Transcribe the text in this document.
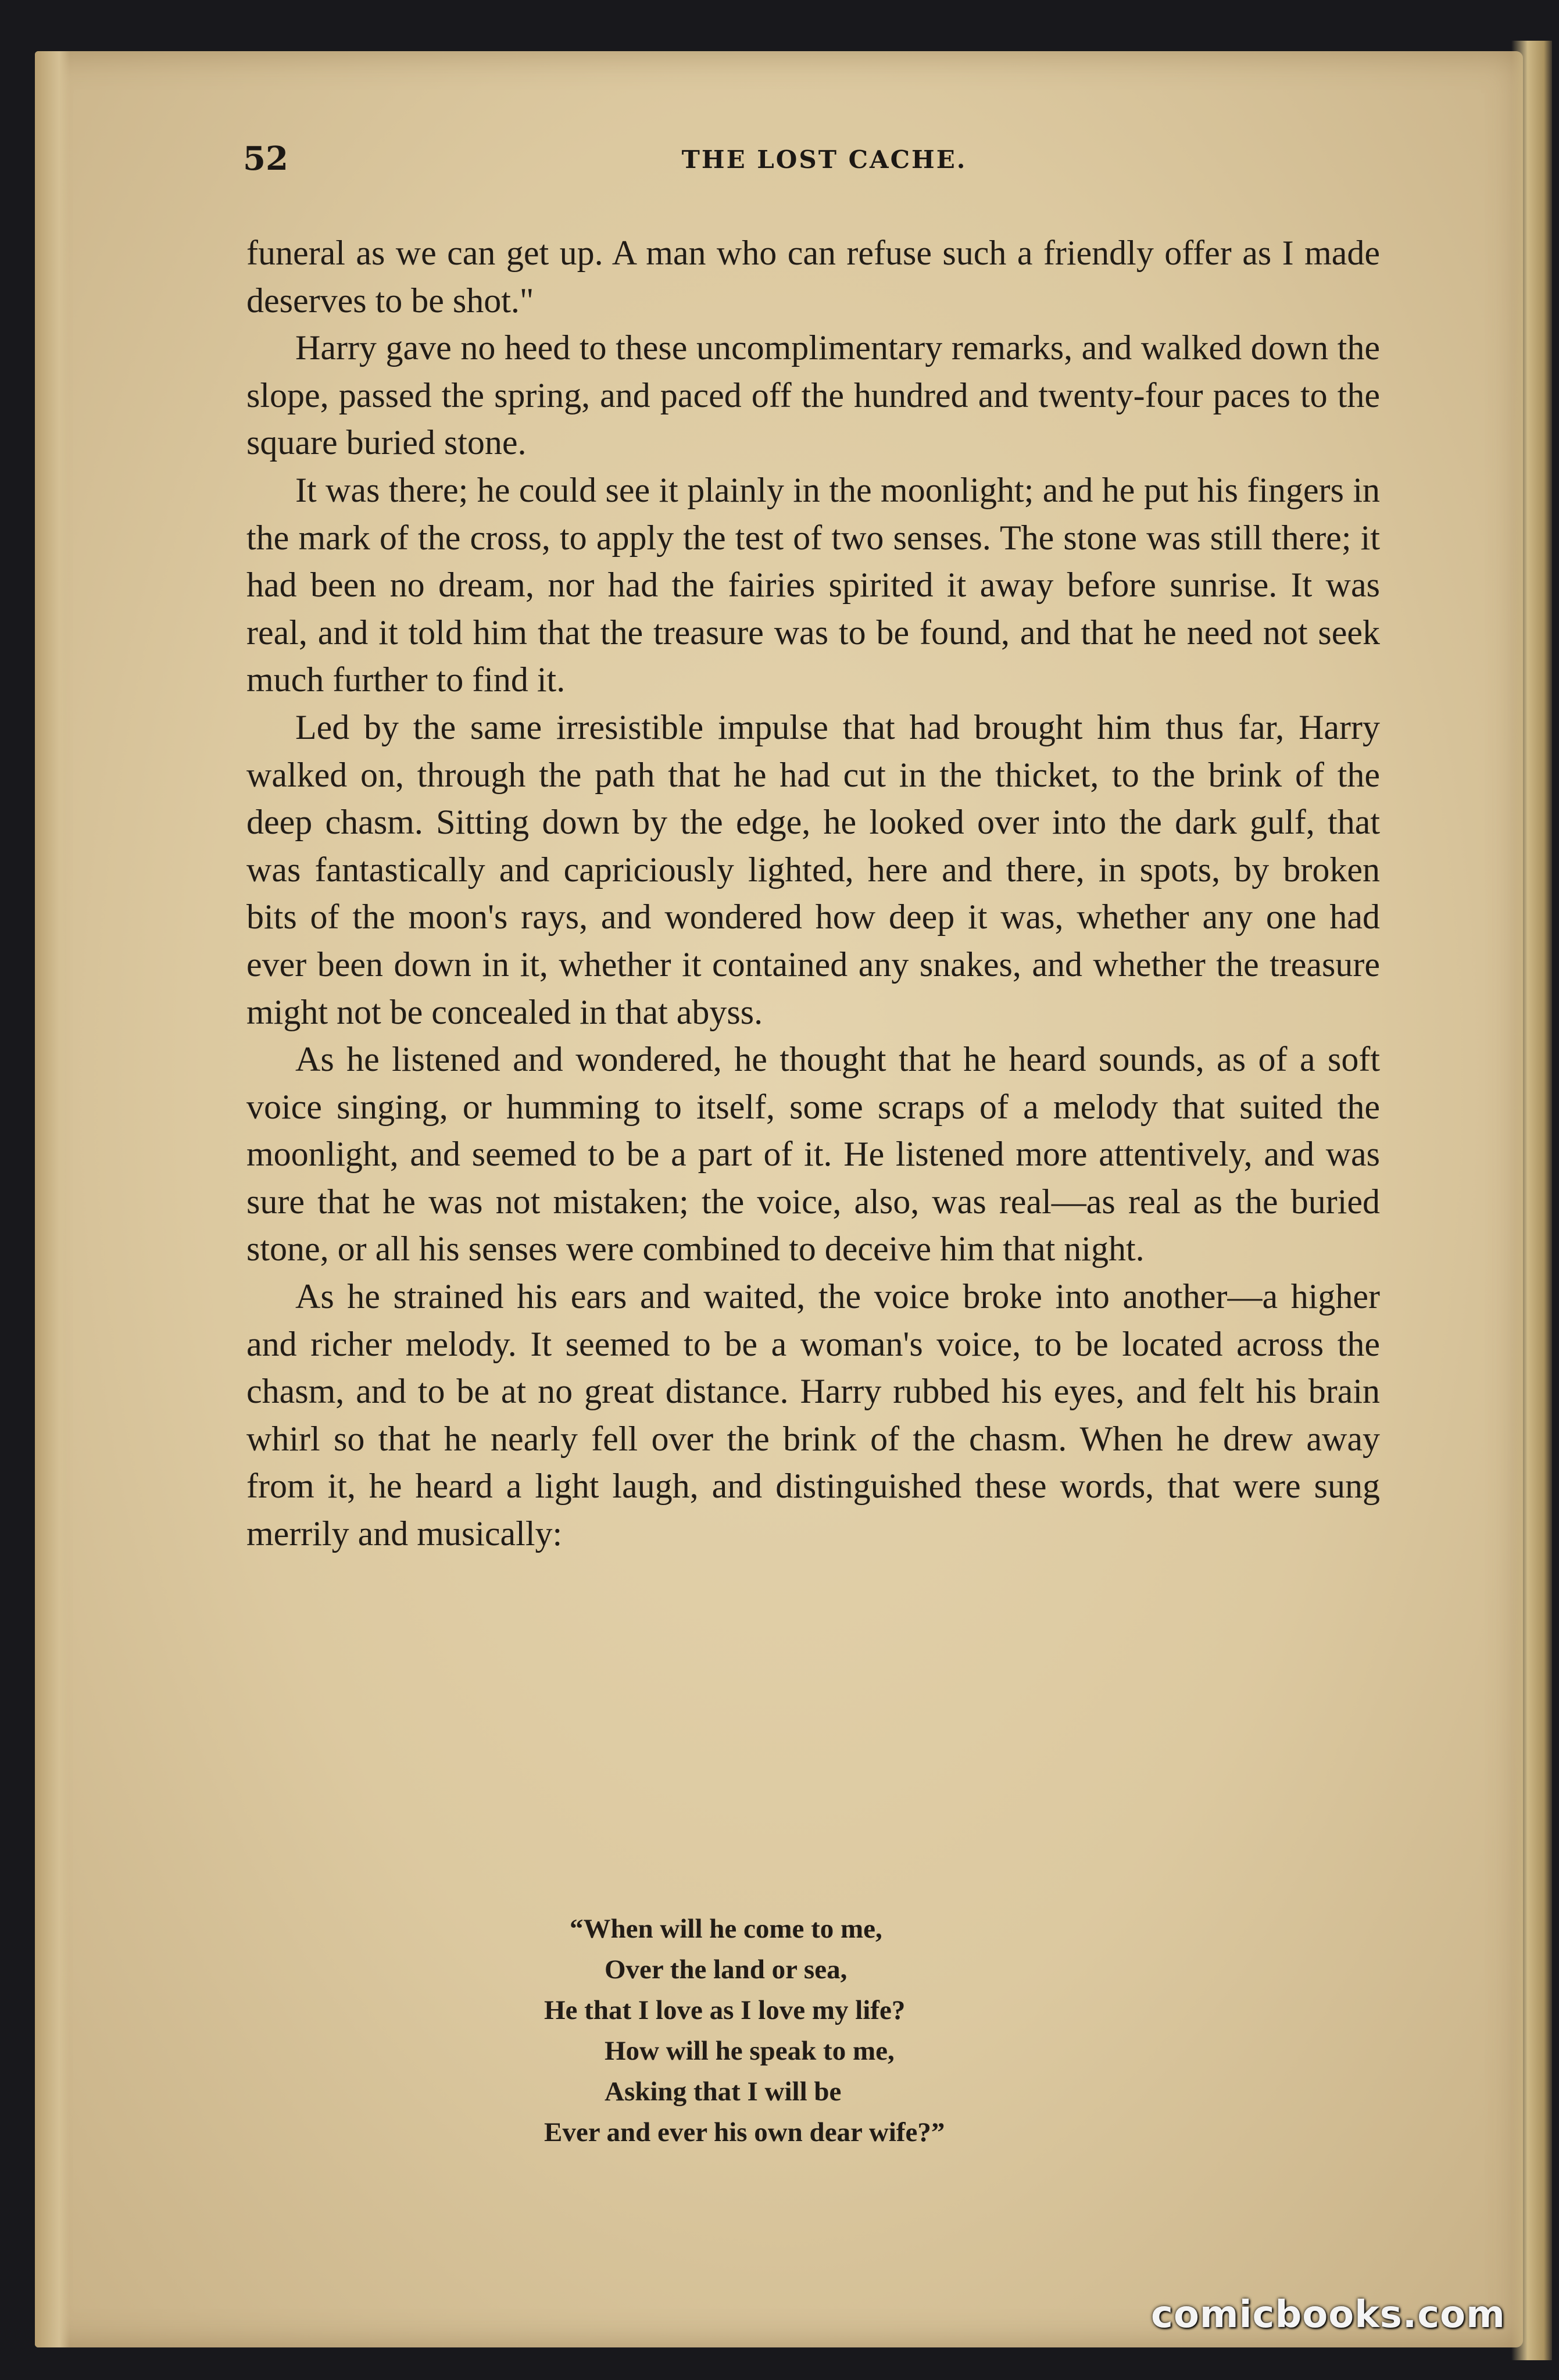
52	THE LOST CACHE.

funeral as we can get up. A man who can refuse such a friendly offer as I made deserves to be shot."

Harry gave no heed to these uncomplimentary remarks, and walked down the slope, passed the spring, and paced off the hundred and twenty-four paces to the square buried stone.

It was there; he could see it plainly in the moonlight; and he put his fingers in the mark of the cross, to apply the test of two senses. The stone was still there; it had been no dream, nor had the fairies spirited it away before sunrise. It was real, and it told him that the treasure was to be found, and that he need not seek much further to find it.

Led by the same irresistible impulse that had brought him thus far, Harry walked on, through the path that he had cut in the thicket, to the brink of the deep chasm. Sitting down by the edge, he looked over into the dark gulf, that was fantastically and capriciously lighted, here and there, in spots, by broken bits of the moon's rays, and wondered how deep it was, whether any one had ever been down in it, whether it contained any snakes, and whether the treasure might not be concealed in that abyss.

As he listened and wondered, he thought that he heard sounds, as of a soft voice singing, or humming to itself, some scraps of a melody that suited the moonlight, and seemed to be a part of it. He listened more attentively, and was sure that he was not mistaken; the voice, also, was real—as real as the buried stone, or all his senses were combined to deceive him that night.

As he strained his ears and waited, the voice broke into another—a higher and richer melody. It seemed to be a woman's voice, to be located across the chasm, and to be at no great distance. Harry rubbed his eyes, and felt his brain whirl so that he nearly fell over the brink of the chasm. When he drew away from it, he heard a light laugh, and distinguished these words, that were sung merrily and musically:

“When will he come to me,
Over the land or sea,
He that I love as I love my life?
How will he speak to me,
Asking that I will be
Ever and ever his own dear wife?”
comicbooks.com
